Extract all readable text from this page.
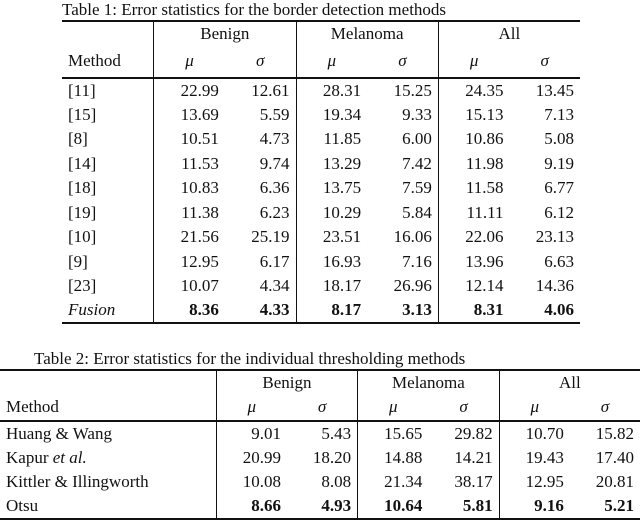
Table 1: Error statistics for the border detection methods
	Benign		Melanoma		All	
Method	μ	σ	μ	σ	μ	σ
[11]	22.99	12.61	28.31	15.25	24.35	13.45
[15]	13.69	5.59	19.34	9.33	15.13	7.13
[8]	10.51	4.73	11.85	6.00	10.86	5.08
[14]	11.53	9.74	13.29	7.42	11.98	9.19
[18]	10.83	6.36	13.75	7.59	11.58	6.77
[19]	11.38	6.23	10.29	5.84	11.11	6.12
[10]	21.56	25.19	23.51	16.06	22.06	23.13
[9]	12.95	6.17	16.93	7.16	13.96	6.63
[23]	10.07	4.34	18.17	26.96	12.14	14.36
Fusion	8.36	4.33	8.17	3.13	8.31	4.06
Table 2: Error statistics for the individual thresholding methods
	Benign		Melanoma		All	
Method	μ	σ	μ	σ	μ	σ
Huang & Wang	9.01	5.43	15.65	29.82	10.70	15.82
Kapur et al.	20.99	18.20	14.88	14.21	19.43	17.40
Kittler & Illingworth	10.08	8.08	21.34	38.17	12.95	20.81
Otsu	8.66	4.93	10.64	5.81	9.16	5.21
